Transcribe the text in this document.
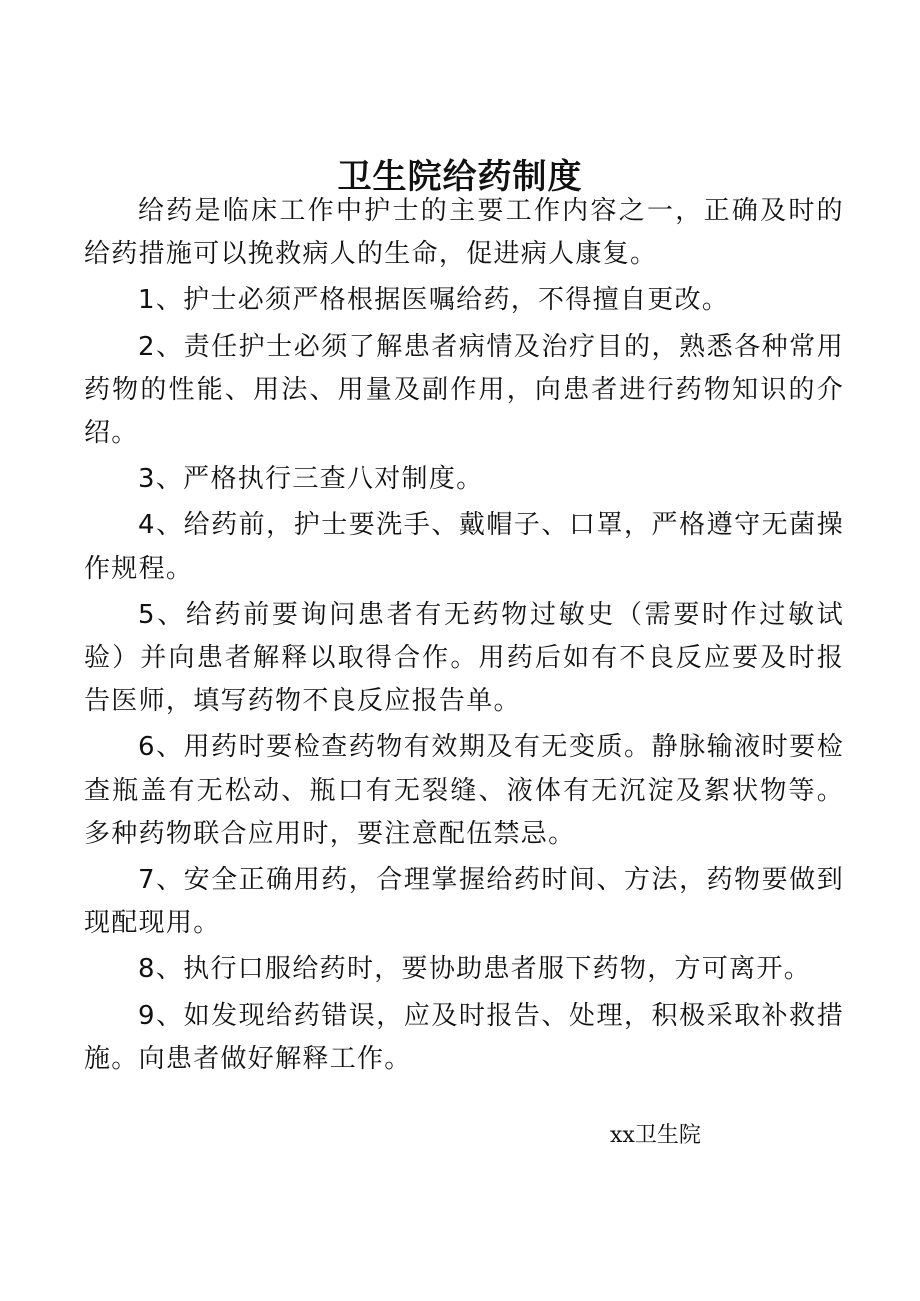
卫生院给药制度

给药是临床工作中护士的主要工作内容之一，正确及时的给药措施可以挽救病人的生命，促进病人康复。

1、护士必须严格根据医嘱给药，不得擅自更改。

2、责任护士必须了解患者病情及治疗目的，熟悉各种常用药物的性能、用法、用量及副作用，向患者进行药物知识的介绍。

3、严格执行三查八对制度。

4、给药前，护士要洗手、戴帽子、口罩，严格遵守无菌操作规程。

5、给药前要询问患者有无药物过敏史（需要时作过敏试验）并向患者解释以取得合作。用药后如有不良反应要及时报告医师，填写药物不良反应报告单。

6、用药时要检查药物有效期及有无变质。静脉输液时要检查瓶盖有无松动、瓶口有无裂缝、液体有无沉淀及絮状物等。多种药物联合应用时，要注意配伍禁忌。

7、安全正确用药，合理掌握给药时间、方法，药物要做到现配现用。

8、执行口服给药时，要协助患者服下药物，方可离开。

9、如发现给药错误，应及时报告、处理，积极采取补救措施。向患者做好解释工作。

xx卫生院
